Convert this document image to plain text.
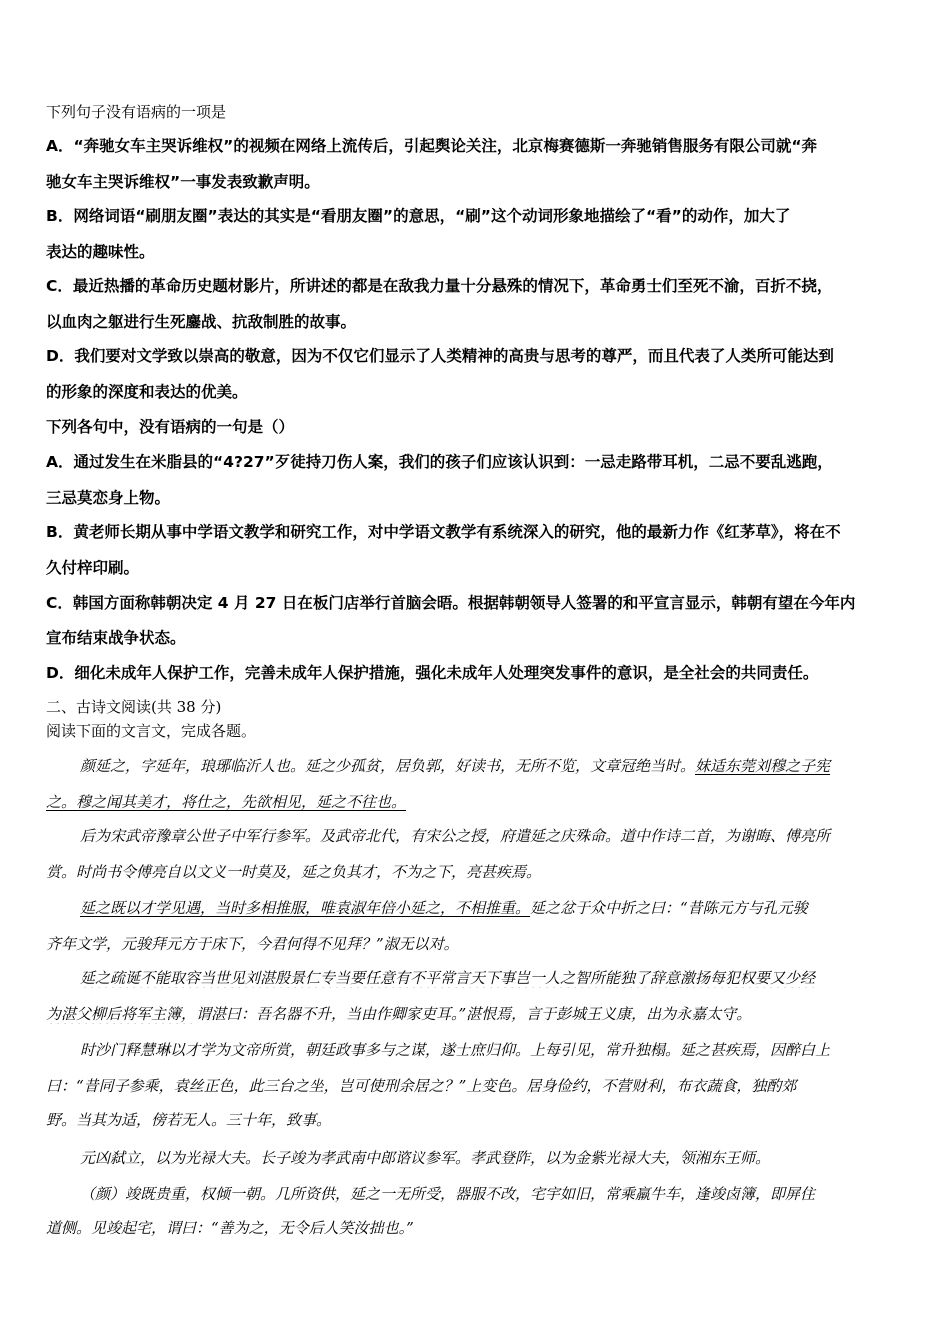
下列句子没有语病的一项是
A．“奔驰女车主哭诉维权”的视频在网络上流传后，引起舆论关注，北京梅赛德斯一奔驰销售服务有限公司就“奔
驰女车主哭诉维权”一事发表致歉声明。
B．网络词语“刷朋友圈”表达的其实是“看朋友圈”的意思，“刷”这个动词形象地描绘了“看”的动作，加大了
表达的趣味性。
C．最近热播的革命历史题材影片，所讲述的都是在敌我力量十分悬殊的情况下，革命勇士们至死不渝，百折不挠，
以血肉之躯进行生死鏖战、抗敌制胜的故事。
D．我们要对文学致以崇高的敬意，因为不仅它们显示了人类精神的高贵与思考的尊严，而且代表了人类所可能达到
的形象的深度和表达的优美。
下列各句中，没有语病的一句是（）
A．通过发生在米脂县的“4?27”歹徒持刀伤人案，我们的孩子们应该认识到：一忌走路带耳机，二忌不要乱逃跑，
三忌莫恋身上物。
B．黄老师长期从事中学语文教学和研究工作，对中学语文教学有系统深入的研究，他的最新力作《红茅草》，将在不
久付梓印刷。
C．韩国方面称韩朝决定 4 月 27 日在板门店举行首脑会晤。根据韩朝领导人签署的和平宣言显示，韩朝有望在今年内
宣布结束战争状态。
D．细化未成年人保护工作，完善未成年人保护措施，强化未成年人处理突发事件的意识，是全社会的共同责任。
二、古诗文阅读(共 38 分)
阅读下面的文言文，完成各题。
颜延之，字延年，琅琊临沂人也。延之少孤贫，居负郭，好读书，无所不览，文章冠绝当时。妹适东莞刘穆之子宪
之。穆之闻其美才，将仕之，先欲相见，延之不往也。
后为宋武帝豫章公世子中军行参军。及武帝北代，有宋公之授，府遣延之庆殊命。道中作诗二首，为谢晦、傅亮所
赏。时尚书令傅亮自以文义一时莫及，延之负其才，不为之下，亮甚疾焉。
延之既以才学见遇，当时多相推服，唯袁淑年倍小延之，不相推重。延之忿于众中折之曰：“昔陈元方与孔元骏
齐年文学，元骏拜元方于床下，今君何得不见拜？”淑无以对。
延之疏诞不能取容当世见刘湛殷景仁专当要任意有不平常言天下事岂一人之智所能独了辞意激扬每犯权要又少经
为湛父柳后将军主簿，谓湛曰：吾名器不升，当由作卿家吏耳。”湛恨焉，言于彭城王义康，出为永嘉太守。
时沙门释慧琳以才学为文帝所赏，朝廷政事多与之谋，遂士庶归仰。上每引见，常升独榻。延之甚疾焉，因醉白上
曰：“昔同子参乘，袁丝正色，此三台之坐，岂可使刑余居之？”上变色。居身俭约，不营财利，布衣蔬食，独酌郊
野。当其为适，傍若无人。三十年，致事。
元凶弑立，以为光禄大夫。长子竣为孝武南中郎谘议参军。孝武登阼，以为金紫光禄大夫，领湘东王师。
（颜）竣既贵重，权倾一朝。几所资供，延之一无所受，器服不改，宅宇如旧，常乘羸牛车，逢竣卤簿，即屏住
道侧。见竣起宅，谓曰：“善为之，无令后人笑汝拙也。”
